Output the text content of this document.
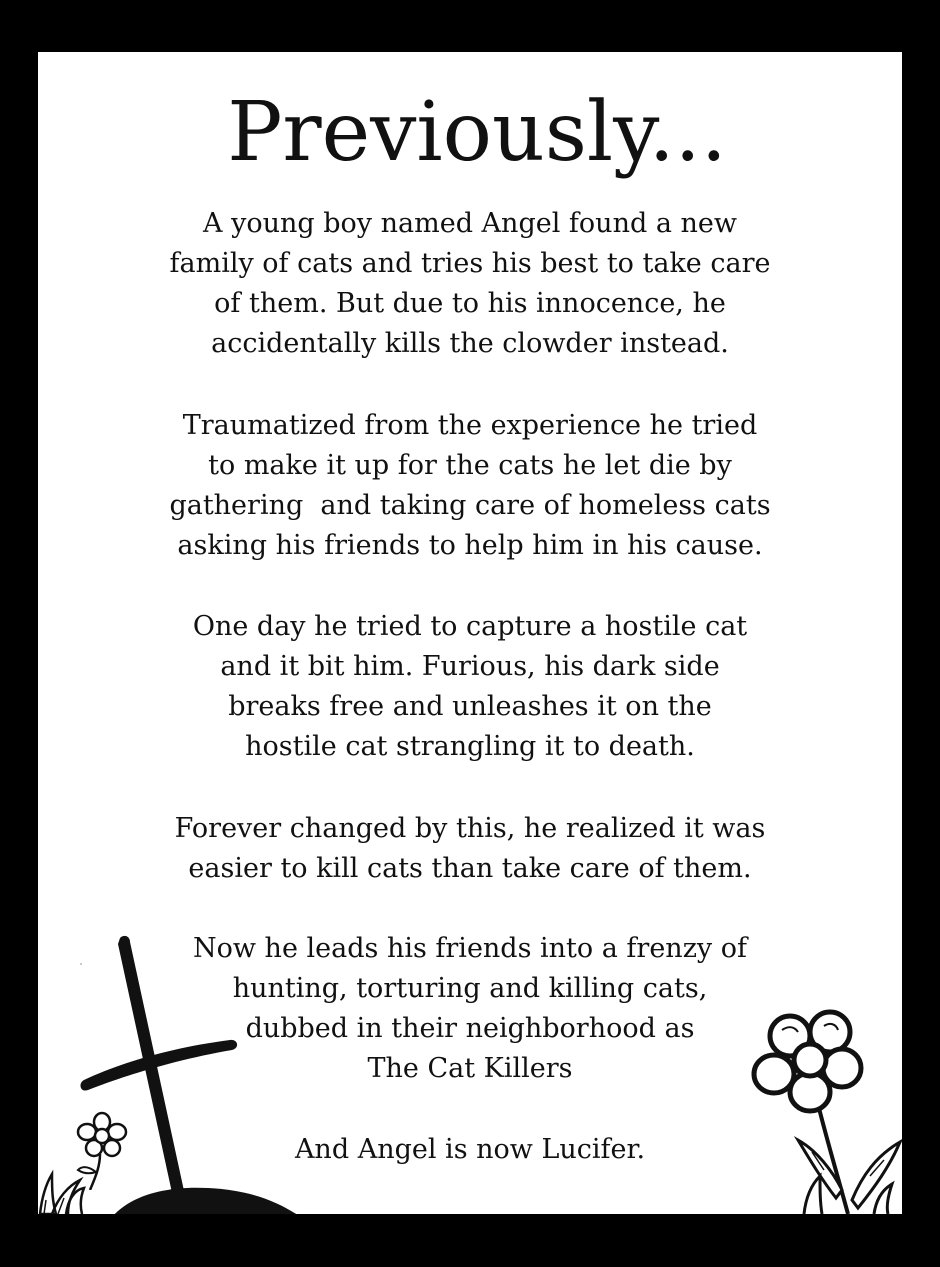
Previously...
A young boy named Angel found a new
family of cats and tries his best to take care
of them. But due to his innocence, he
accidentally kills the clowder instead.
Traumatized from the experience he tried
to make it up for the cats he let die by
gathering  and taking care of homeless cats
asking his friends to help him in his cause.
One day he tried to capture a hostile cat
and it bit him. Furious, his dark side
breaks free and unleashes it on the
hostile cat strangling it to death.
Forever changed by this, he realized it was
easier to kill cats than take care of them.
Now he leads his friends into a frenzy of
hunting, torturing and killing cats,
dubbed in their neighborhood as
The Cat Killers
And Angel is now Lucifer.
